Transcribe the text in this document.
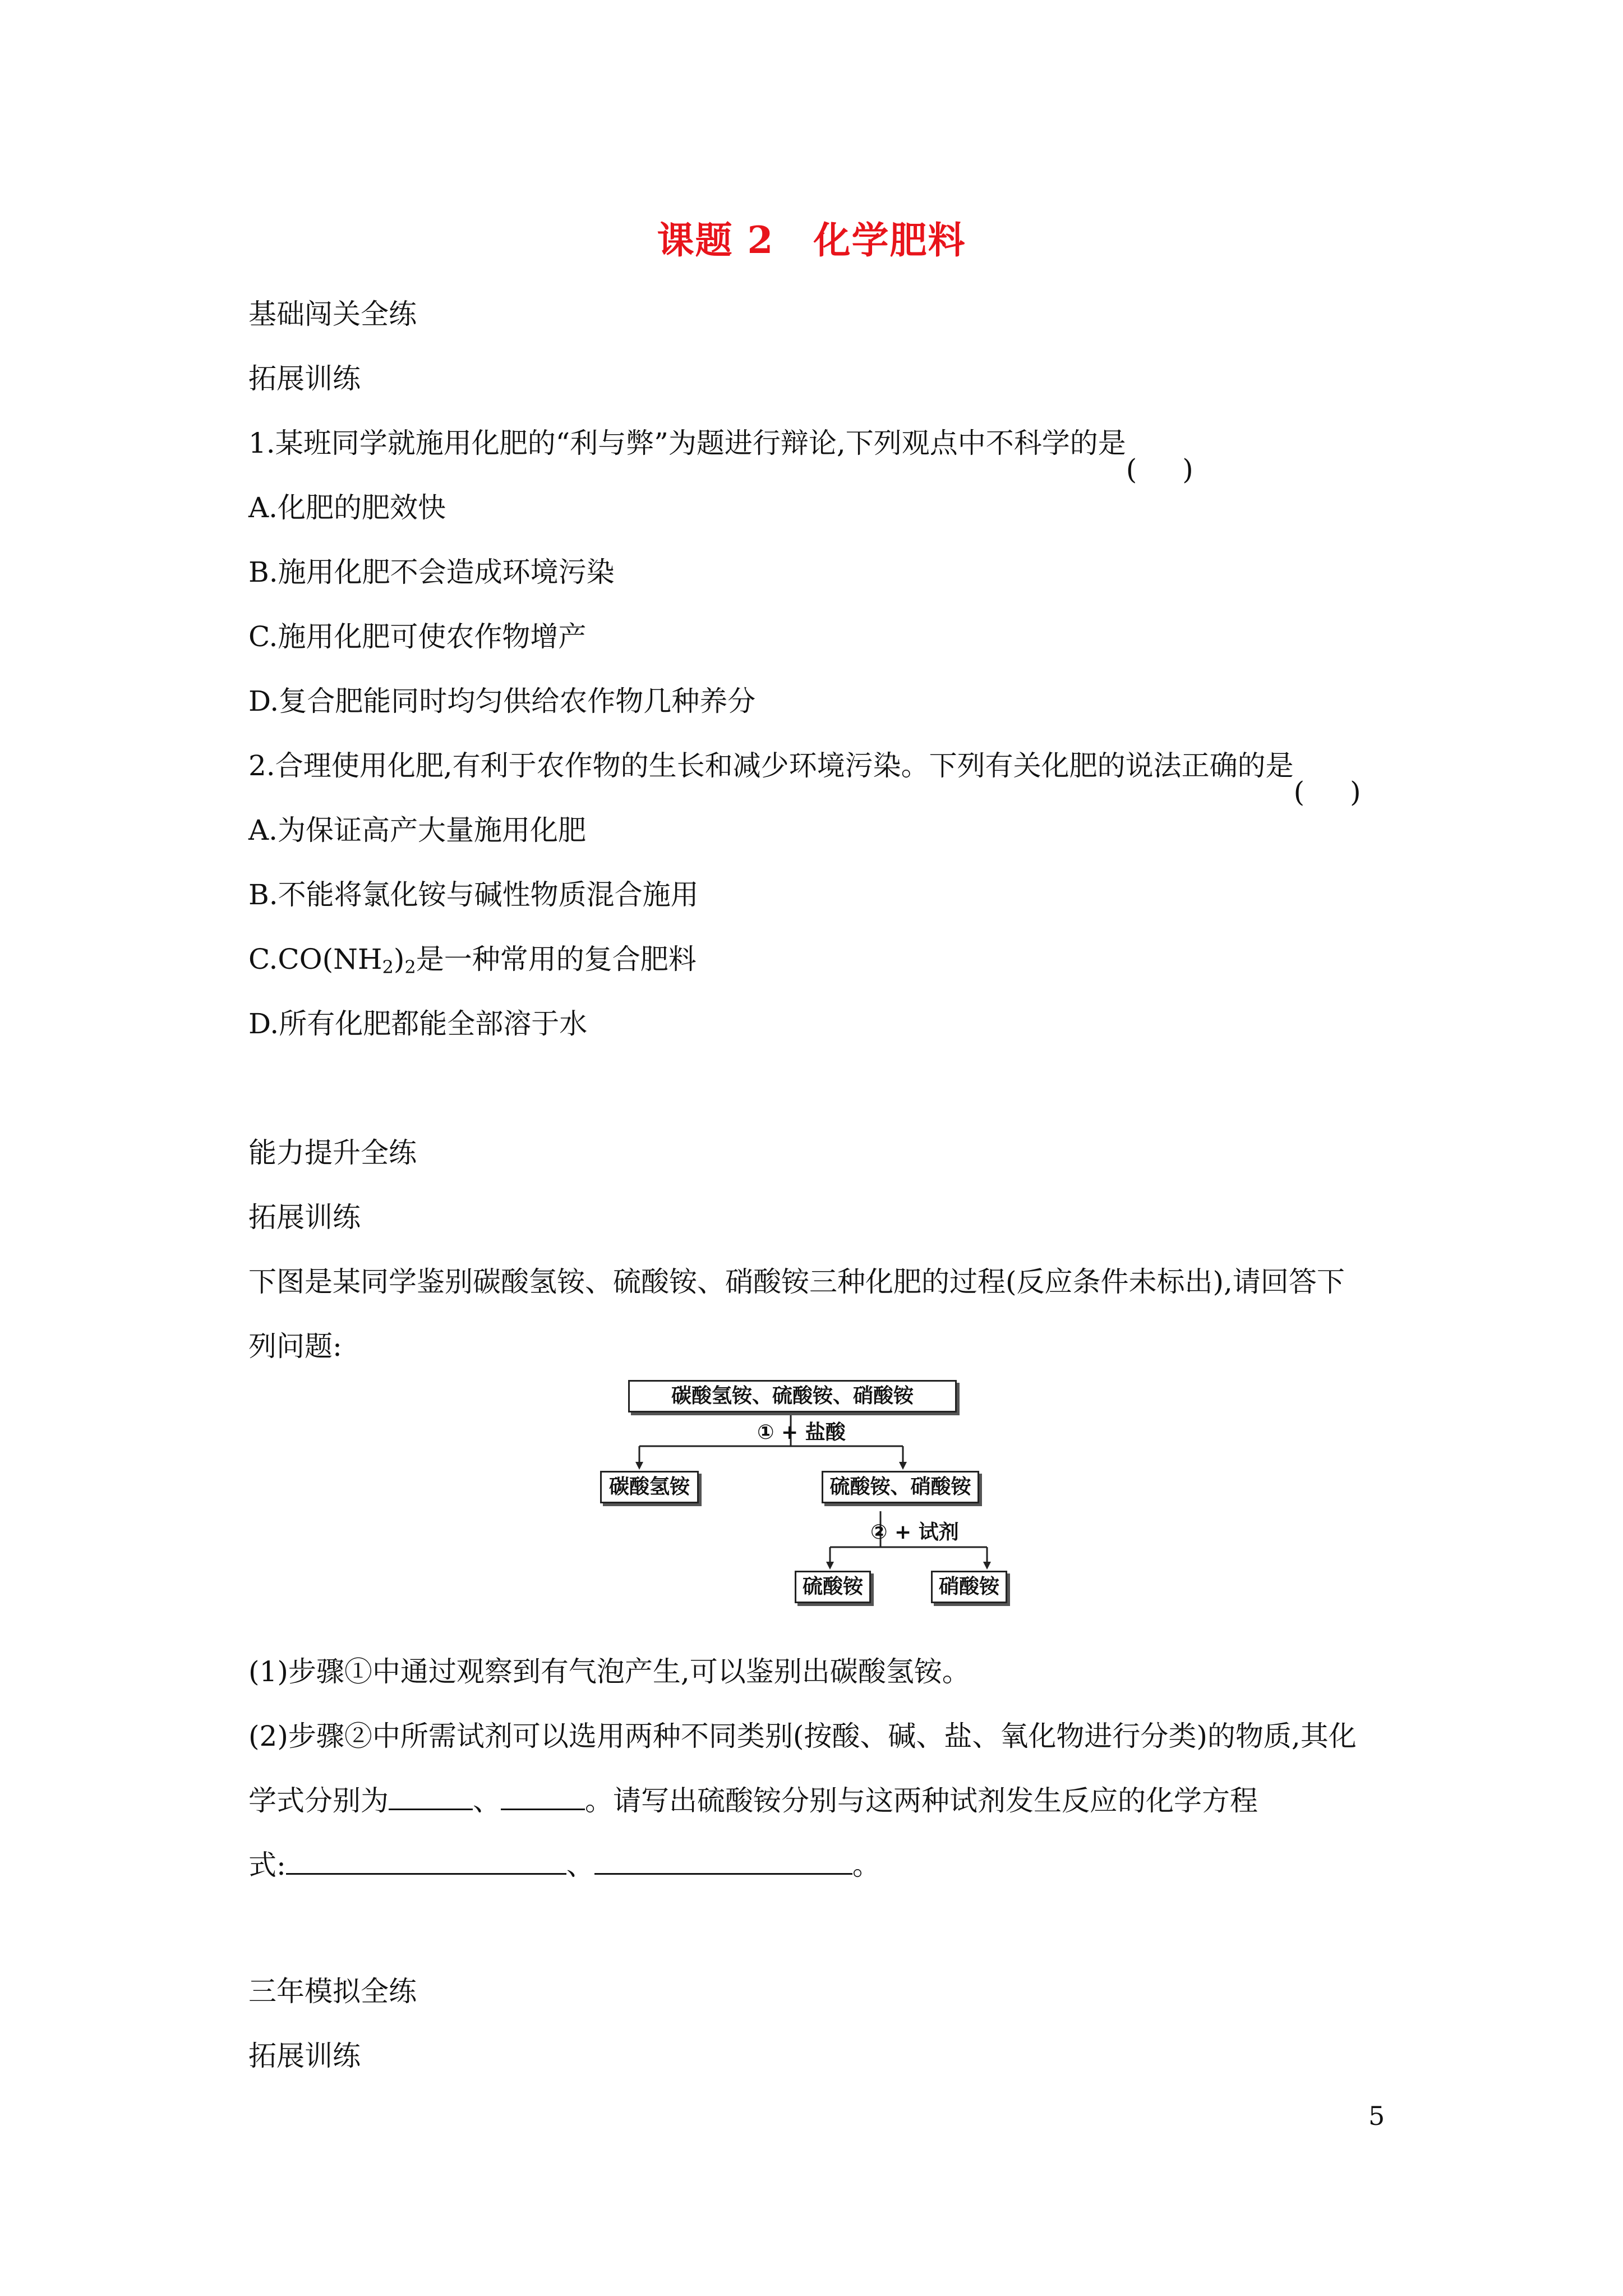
课题 2 化学肥料
基础闯关全练
拓展训练
1.某班同学就施用化肥的“利与弊”为题进行辩论,下列观点中不科学的是
A.化肥的肥效快
B.施用化肥不会造成环境污染
C.施用化肥可使农作物增产
D.复合肥能同时均匀供给农作物几种养分
2.合理使用化肥,有利于农作物的生长和减少环境污染。下列有关化肥的说法正确的是
A.为保证高产大量施用化肥
B.不能将氯化铵与碱性物质混合施用
$C.CO(NH_2)_2$是一种常用的复合肥料
D.所有化肥都能全部溶于水
能力提升全练
拓展训练
下图是某同学鉴别碳酸氢铵、硫酸铵、硝酸铵三种化肥的过程(反应条件未标出),请回答下
列问题:
碳酸氢铵、硫酸铵、硝酸铵
① + 盐酸
碳酸氢铵	硫酸铵、硝酸铵
② + 试剂
硫酸铵	硝酸铵
(1)步骤①中通过观察到有气泡产生,可以鉴别出碳酸氢铵。
(2)步骤②中所需试剂可以选用两种不同类别(按酸、碱、盐、氧化物进行分类)的物质,其化
学式分别为	、	。请写出硫酸铵分别与这两种试剂发生反应的化学方程
式:	、	。
三年模拟全练
拓展训练
5
